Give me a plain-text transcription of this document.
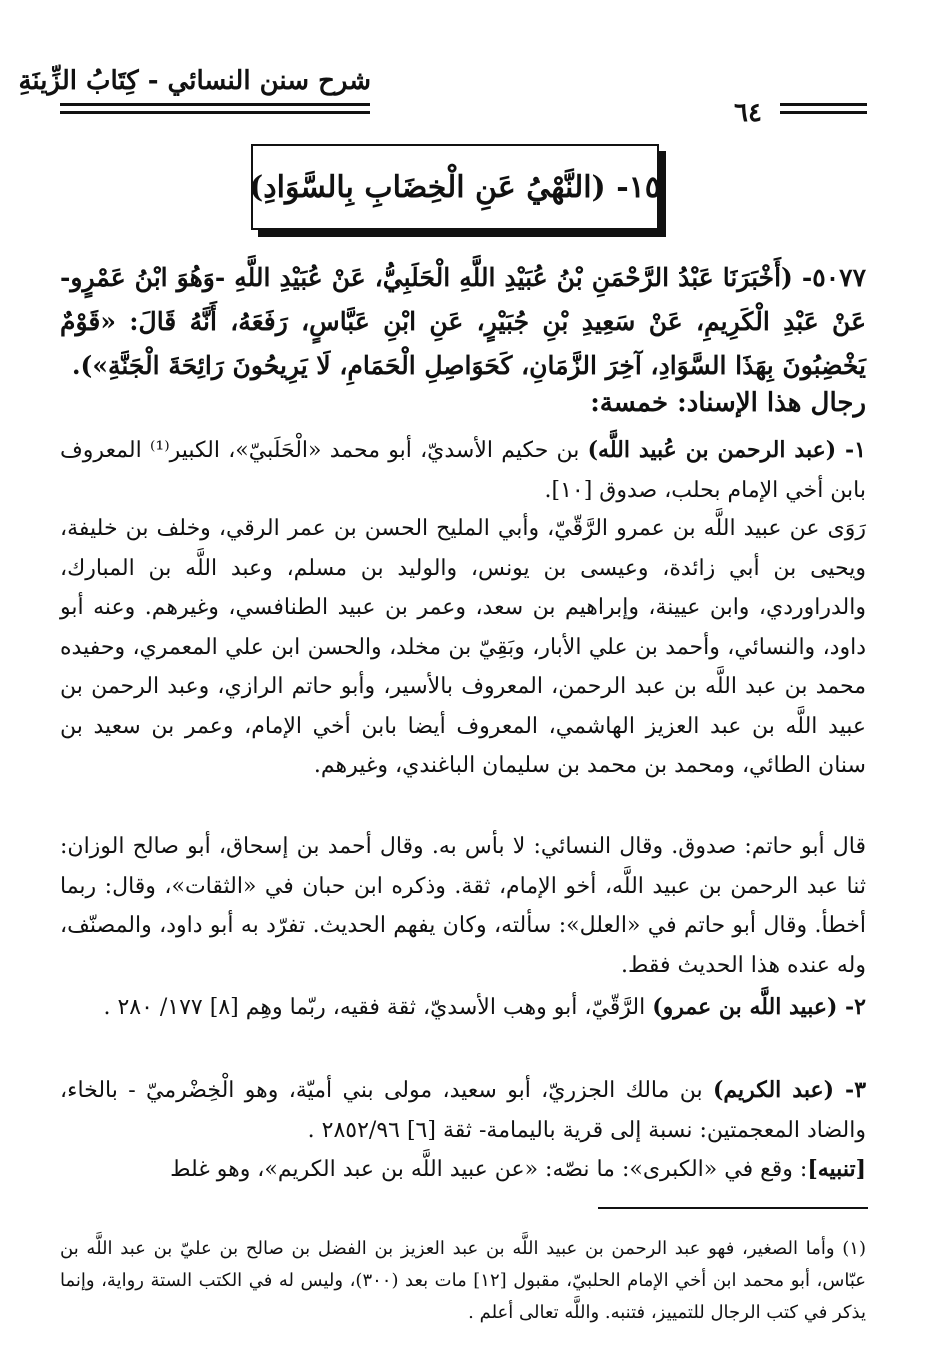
شرح سنن النسائي - كِتَابُ الزِّينَةِ
٦٤
١٥- (النَّهْيُ عَنِ الْخِضَابِ بِالسَّوَادِ)
٥٠٧٧- (أَخْبَرَنَا عَبْدُ الرَّحْمَنِ بْنُ عُبَيْدِ اللَّهِ الْحَلَبِيُّ، عَنْ عُبَيْدِ اللَّهِ -وَهُوَ ابْنُ عَمْرٍو- عَنْ عَبْدِ الْكَرِيمِ، عَنْ سَعِيدِ بْنِ جُبَيْرٍ، عَنِ ابْنِ عَبَّاسٍ، رَفَعَهُ، أَنَّهُ قَالَ: «قَوْمٌ يَخْضِبُونَ بِهَذَا السَّوَادِ، آخِرَ الزَّمَانِ، كَحَوَاصِلِ الْحَمَامِ، لَا يَرِيحُونَ رَائِحَةَ الْجَنَّةِ»).
رجال هذا الإسناد: خمسة:
١- (عبد الرحمن بن عُبيد اللَّه) بن حكيم الأسديّ، أبو محمد «الْحَلَبيّ»، الكبير⁽¹⁾ المعروف بابن أخي الإمام بحلب، صدوق [١٠].
رَوَى عن عبيد اللَّه بن عمرو الرَّقّيّ، وأبي المليح الحسن بن عمر الرقي، وخلف بن خليفة، ويحيى بن أبي زائدة، وعيسى بن يونس، والوليد بن مسلم، وعبد اللَّه بن المبارك، والدراوردي، وابن عيينة، وإبراهيم بن سعد، وعمر بن عبيد الطنافسي، وغيرهم. وعنه أبو داود، والنسائي، وأحمد بن علي الأبار، وبَقِيّ بن مخلد، والحسن ابن علي المعمري، وحفيده محمد بن عبد اللَّه بن عبد الرحمن، المعروف بالأسير، وأبو حاتم الرازي، وعبد الرحمن بن عبيد اللَّه بن عبد العزيز الهاشمي، المعروف أيضا بابن أخي الإمام، وعمر بن سعيد بن سنان الطائي، ومحمد بن محمد بن سليمان الباغندي، وغيرهم.
قال أبو حاتم: صدوق. وقال النسائي: لا بأس به. وقال أحمد بن إسحاق، أبو صالح الوزان: ثنا عبد الرحمن بن عبيد اللَّه، أخو الإمام، ثقة. وذكره ابن حبان في «الثقات»، وقال: ربما أخطأ. وقال أبو حاتم في «العلل»: سألته، وكان يفهم الحديث. تفرّد به أبو داود، والمصنّف، وله عنده هذا الحديث فقط.
٢- (عبيد اللَّه بن عمرو) الرَّقّيّ، أبو وهب الأسديّ، ثقة فقيه، ربّما وهِم [٨] ١٧٧/ ٢٨٠ .
٣- (عبد الكريم) بن مالك الجزريّ، أبو سعيد، مولى بني أميّة، وهو الْخِضْرميّ - بالخاء، والضاد المعجمتين: نسبة إلى قرية باليمامة- ثقة [٦] ٢٨٥٢/٩٦ .
[تنبيه]: وقع في «الكبرى»: ما نصّه: «عن عبيد اللَّه بن عبد الكريم»، وهو غلط
(١) وأما الصغير، فهو عبد الرحمن بن عبيد اللَّه بن عبد العزيز بن الفضل بن صالح بن عليّ بن عبد اللَّه بن عبّاس، أبو محمد ابن أخي الإمام الحلبيّ، مقبول [١٢] مات بعد (٣٠٠)، وليس له في الكتب الستة رواية، وإنما يذكر في كتب الرجال للتمييز، فتنبه. واللَّه تعالى أعلم .
